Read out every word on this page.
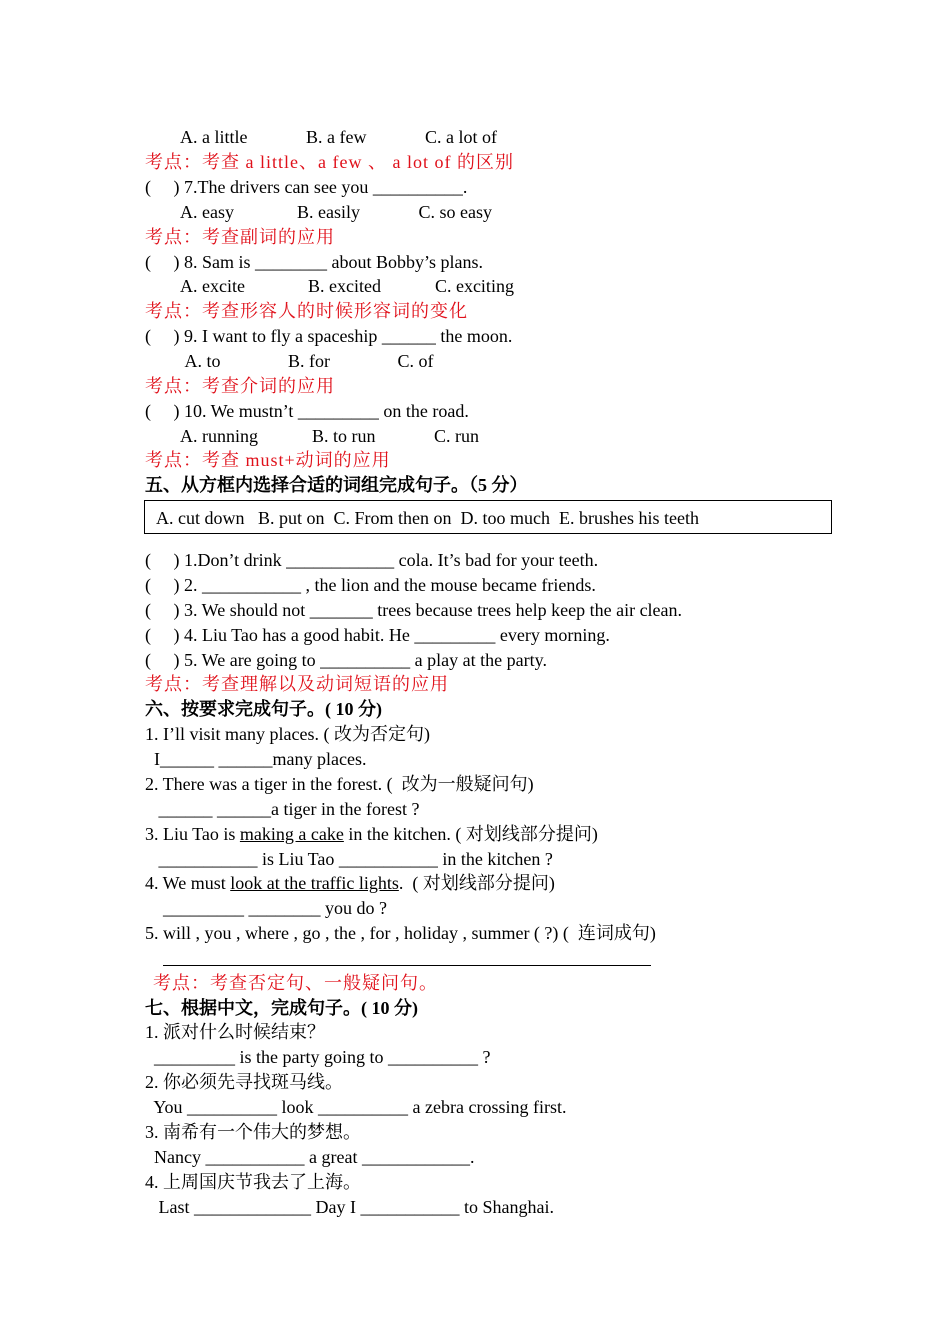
A. a little             B. a few             C. a lot of
考点：考查 a little、a few 、 a lot of 的区别
(     ) 7.The drivers can see you __________.
A. easy              B. easily             C. so easy
考点：考查副词的应用
(     ) 8. Sam is ________ about Bobby’s plans.
A. excite              B. excited            C. exciting
考点：考查形容人的时候形容词的变化
(     ) 9. I want to fly a spaceship ______ the moon.
A. to               B. for               C. of
考点：考查介词的应用
(     ) 10. We mustn’t _________ on the road.
A. running            B. to run             C. run
考点：考查 must+动词的应用
五、从方框内选择合适的词组完成句子。（5 分）
A. cut down   B. put on  C. From then on  D. too much  E. brushes his teeth
(     ) 1.Don’t drink ____________ cola. It’s bad for your teeth.
(     ) 2. ___________ , the lion and the mouse became friends.
(     ) 3. We should not _______ trees because trees help keep the air clean.
(     ) 4. Liu Tao has a good habit. He _________ every morning.
(     ) 5. We are going to __________ a play at the party.
考点：考查理解以及动词短语的应用
六、按要求完成句子。( 10 分)
1. I’ll visit many places. ( 改为否定句)
I______ ______many places.
2. There was a tiger in the forest. (  改为一般疑问句)
______ ______a tiger in the forest ?
3. Liu Tao is making a cake in the kitchen. ( 对划线部分提问)
___________ is Liu Tao ___________ in the kitchen ?
4. We must look at the traffic lights.  ( 对划线部分提问)
_________ ________ you do ?
5. will , you , where , go , the , for , holiday , summer ( ?) (  连词成句)
考点：考查否定句、一般疑问句。
七、根据中文，完成句子。( 10 分)
1. 派对什么时候结束？
_________ is the party going to __________ ?
2. 你必须先寻找斑马线。
You __________ look __________ a zebra crossing first.
3. 南希有一个伟大的梦想。
Nancy ___________ a great ____________.
4. 上周国庆节我去了上海。
Last _____________ Day I ___________ to Shanghai.
